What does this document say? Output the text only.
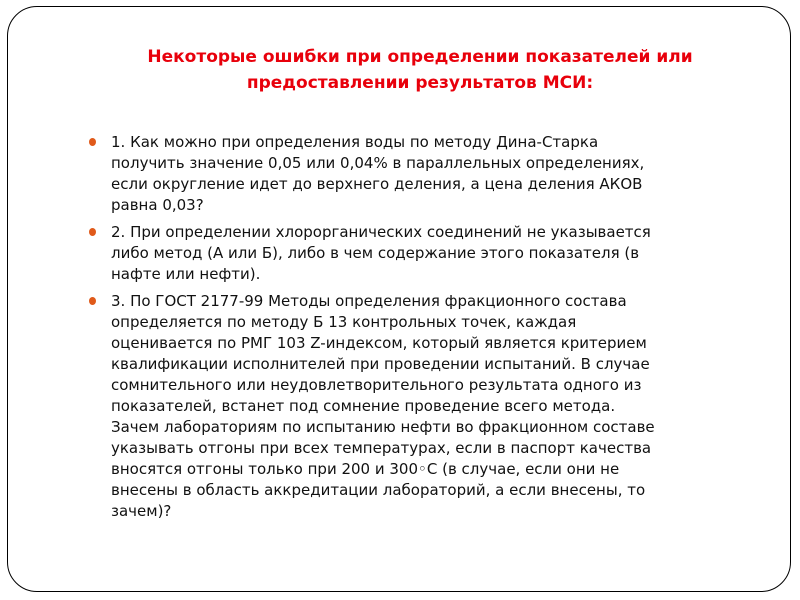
Некоторые ошибки при определении показателей или
предоставлении результатов МСИ:
1. Как можно при определения воды по методу Дина-Старка
получить значение 0,05 или 0,04% в параллельных определениях,
если округление идет до верхнего деления, а цена деления АКОВ
равна 0,03?
2. При определении хлорорганических соединений не указывается
либо метод (А или Б), либо в чем содержание этого показателя (в
нафте или нефти).
3. По ГОСТ 2177-99 Методы определения фракционного состава
определяется по методу Б 13 контрольных точек, каждая
оценивается по РМГ 103 Z-индексом, который является критерием
квалификации исполнителей при проведении испытаний. В случае
сомнительного или неудовлетворительного результата одного из
показателей, встанет под сомнение проведение всего метода.
Зачем лабораториям по испытанию нефти во фракционном составе
указывать отгоны при всех температурах, если в паспорт качества
вносятся отгоны только при 200 и 300◦С (в случае, если они не
внесены в область аккредитации лабораторий, а если внесены, то
зачем)?
